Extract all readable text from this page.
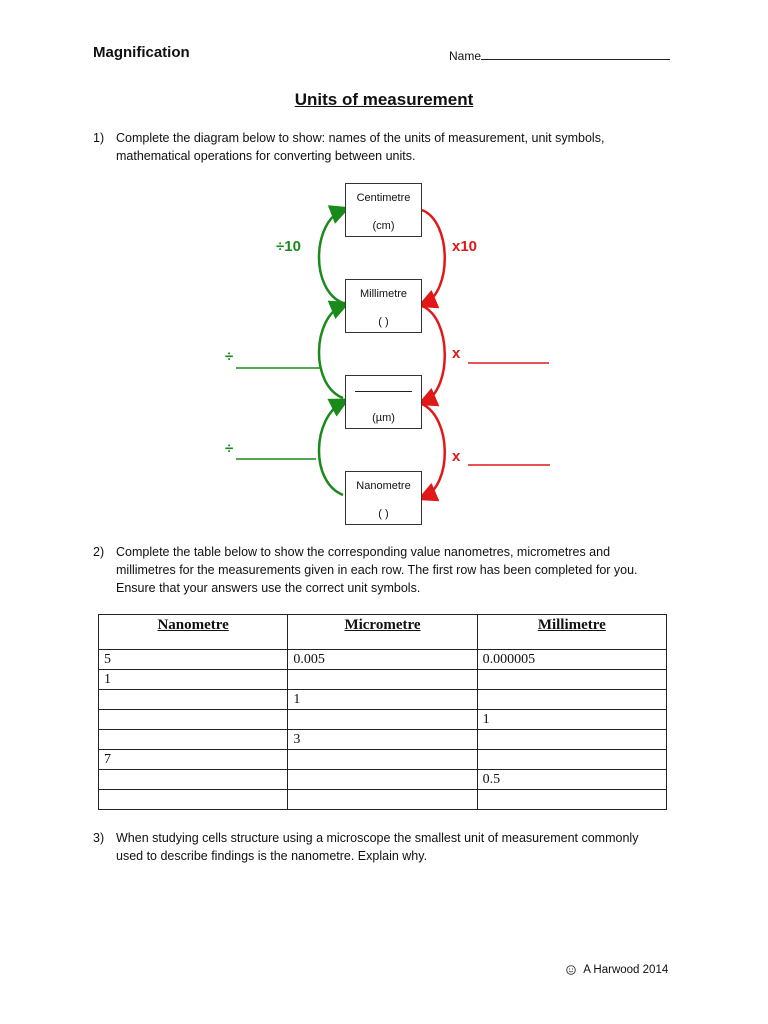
Magnification	Name
Units of measurement
1) Complete the diagram below to show: names of the units of measurement, unit symbols, mathematical operations for converting between units.
Centimetre
(cm)
Millimetre
( )
(µm)
Nanometre
( )
÷10	x10
÷	x
÷	x
2) Complete the table below to show the corresponding value nanometres, micrometres and millimetres for the measurements given in each row. The first row has been completed for you. Ensure that your answers use the correct unit symbols.
Nanometre	Micrometre	Millimetre
5	0.005	0.000005
1		
	1	
		1
	3	
7		
		0.5

3) When studying cells structure using a microscope the smallest unit of measurement commonly used to describe findings is the nanometre. Explain why.
A Harwood 2014
